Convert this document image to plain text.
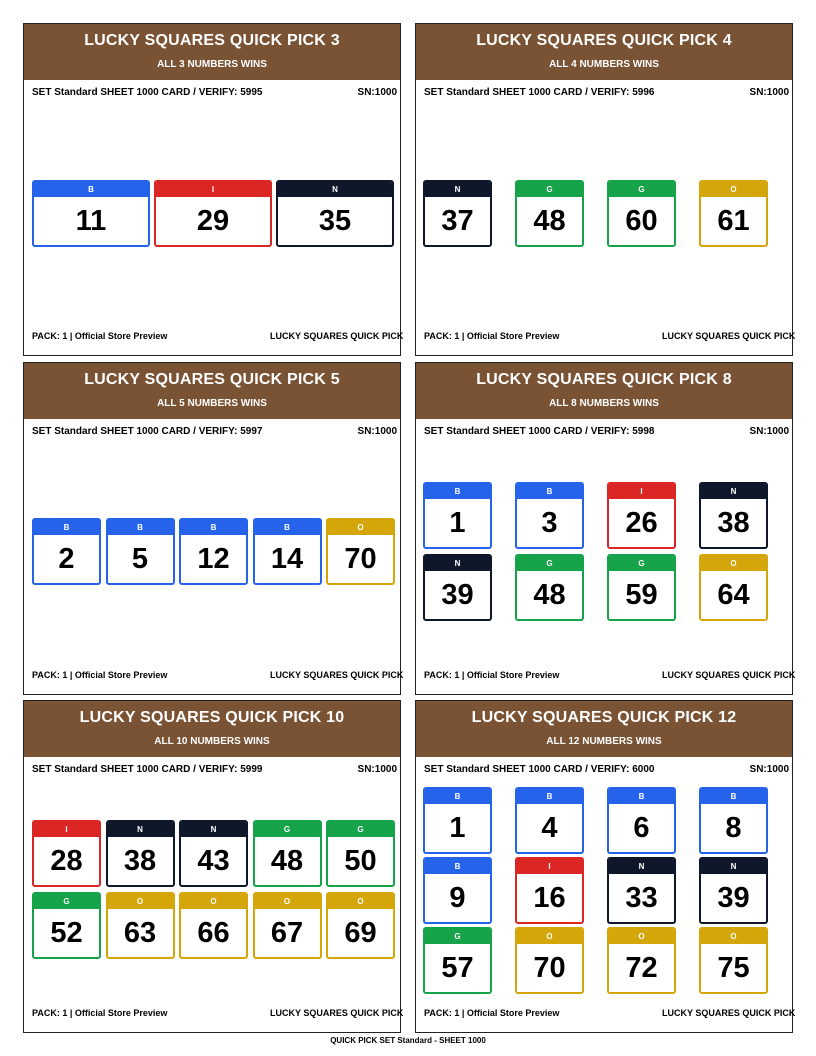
LUCKY SQUARES QUICK PICK 3
ALL 3 NUMBERS WINS
SET Standard SHEET 1000 CARD / VERIFY: 5995	SN:1000
B
11
I
29
N
35
PACK: 1 | Official Store Preview	LUCKY SQUARES QUICK PICK
LUCKY SQUARES QUICK PICK 4
ALL 4 NUMBERS WINS
SET Standard SHEET 1000 CARD / VERIFY: 5996	SN:1000
N
37
G
48
G
60
O
61
PACK: 1 | Official Store Preview	LUCKY SQUARES QUICK PICK
LUCKY SQUARES QUICK PICK 5
ALL 5 NUMBERS WINS
SET Standard SHEET 1000 CARD / VERIFY: 5997	SN:1000
B
2
B
5
B
12
B
14
O
70
PACK: 1 | Official Store Preview	LUCKY SQUARES QUICK PICK
LUCKY SQUARES QUICK PICK 8
ALL 8 NUMBERS WINS
SET Standard SHEET 1000 CARD / VERIFY: 5998	SN:1000
B
1
B
3
I
26
N
38
N
39
G
48
G
59
O
64
PACK: 1 | Official Store Preview	LUCKY SQUARES QUICK PICK
LUCKY SQUARES QUICK PICK 10
ALL 10 NUMBERS WINS
SET Standard SHEET 1000 CARD / VERIFY: 5999	SN:1000
I
28
N
38
N
43
G
48
G
50
G
52
O
63
O
66
O
67
O
69
PACK: 1 | Official Store Preview	LUCKY SQUARES QUICK PICK
LUCKY SQUARES QUICK PICK 12
ALL 12 NUMBERS WINS
SET Standard SHEET 1000 CARD / VERIFY: 6000	SN:1000
B
1
B
4
B
6
B
8
B
9
I
16
N
33
N
39
G
57
O
70
O
72
O
75
PACK: 1 | Official Store Preview	LUCKY SQUARES QUICK PICK
QUICK PICK SET Standard - SHEET 1000
